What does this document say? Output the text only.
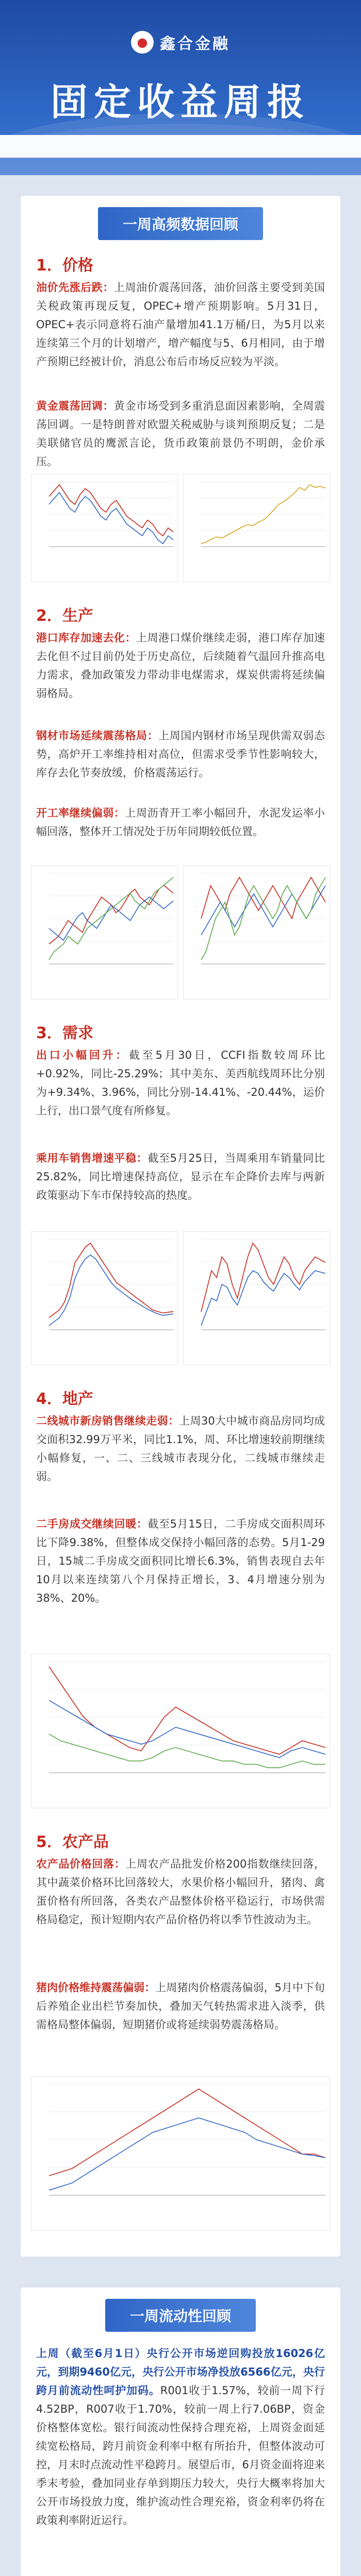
● 鑫合金融
固定收益周报
一周高频数据回顾
1．价格
油价先涨后跌：上周油价震荡回落，油价回落主要受到美国关税政策再现反复，OPEC+增产预期影响。5月31日，OPEC+表示同意将石油产量增加41.1万桶/日，为5月以来连续第三个月的计划增产，增产幅度与5、6月相同，由于增产预期已经被计价，消息公布后市场反应较为平淡。
黄金震荡回调：黄金市场受到多重消息面因素影响，全周震荡回调。一是特朗普对欧盟关税威胁与谈判预期反复；二是美联储官员的鹰派言论，货币政策前景仍不明朗，金价承压。
2．生产
港口库存加速去化：上周港口煤价继续走弱，港口库存加速去化但不过目前仍处于历史高位，后续随着气温回升推高电力需求，叠加政策发力带动非电煤需求，煤炭供需将延续偏弱格局。
钢材市场延续震荡格局：上周国内钢材市场呈现供需双弱态势，高炉开工率维持相对高位，但需求受季节性影响较大，库存去化节奏放缓，价格震荡运行。
开工率继续偏弱：上周沥青开工率小幅回升，水泥发运率小幅回落，整体开工情况处于历年同期较低位置。
3．需求
出口小幅回升：截至5月30日，CCFI指数较周环比+0.92%，同比-25.29%；其中美东、美西航线周环比分别为+9.34%、3.96%，同比分别-14.41%、-20.44%，运价上行，出口景气度有所修复。
乘用车销售增速平稳：截至5月25日，当周乘用车销量同比25.82%，同比增速保持高位，显示在车企降价去库与两新政策驱动下车市保持较高的热度。
4．地产
二线城市新房销售继续走弱：上周30大中城市商品房同均成交面积32.99万平米，同比1.1%，周、环比增速较前期继续小幅修复，一、二、三线城市表现分化，二线城市继续走弱。
二手房成交继续回暖：截至5月15日，二手房成交面积周环比下降9.38%，但整体成交保持小幅回落的态势。5月1-29日，15城二手房成交面积同比增长6.3%，销售表现自去年10月以来连续第八个月保持正增长，3、4月增速分别为38%、20%。
5．农产品
农产品价格回落：上周农产品批发价格200指数继续回落，其中蔬菜价格环比回落较大，水果价格小幅回升，猪肉、禽蛋价格有所回落，各类农产品整体价格平稳运行，市场供需格局稳定，预计短期内农产品价格仍将以季节性波动为主。
猪肉价格维持震荡偏弱：上周猪肉价格震荡偏弱，5月中下旬后养殖企业出栏节奏加快，叠加天气转热需求进入淡季，供需格局整体偏弱，短期猪价或将延续弱势震荡格局。
一周流动性回顾
上周（截至6月1日）央行公开市场逆回购投放16026亿元，到期9460亿元，央行公开市场净投放6566亿元，央行跨月前流动性呵护加码。R001收于1.57%，较前一周下行4.52BP，R007收于1.70%，较前一周上行7.06BP，资金价格整体宽松。银行间流动性保持合理充裕，上周资金面延续宽松格局，跨月前资金利率中枢有所抬升，但整体波动可控，月末时点流动性平稳跨月。展望后市，6月资金面将迎来季末考验，叠加同业存单到期压力较大，央行大概率将加大公开市场投放力度，维护流动性合理充裕，资金利率仍将在政策利率附近运行。
